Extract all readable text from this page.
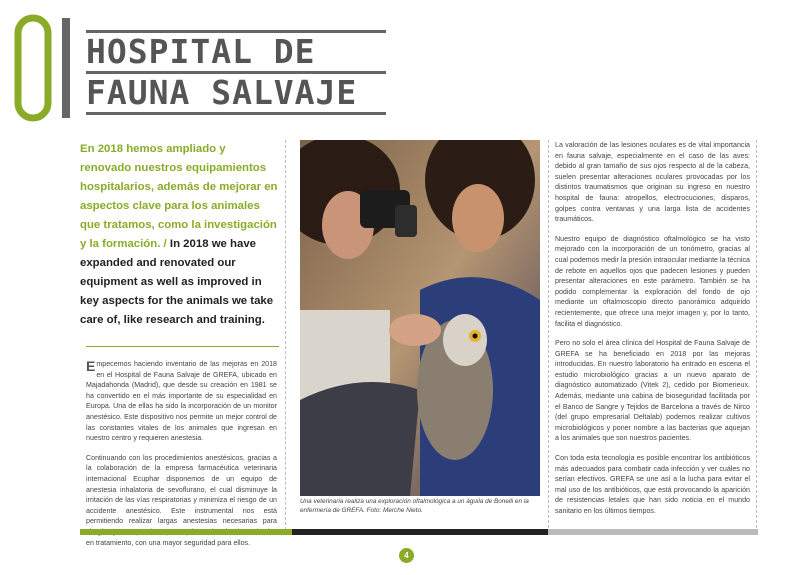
01
HOSPITAL DE
FAUNA SALVAJE
En 2018 hemos ampliado y renovado nuestros equipamientos hospitalarios, además de mejorar en aspectos clave para los animales que tratamos, como la investigación y la formación. / In 2018 we have expanded and renovated our equipment as well as improved in key aspects for the animals we take care of, like research and training.

Empecemos haciendo inventario de las mejoras en 2018 en el Hospital de Fauna Salvaje de GREFA, ubicado en Majadahonda (Madrid), que desde su creación en 1981 se ha convertido en el más importante de su especialidad en Europa. Una de ellas ha sido la incorporación de un monitor anestésico. Este dispositivo nos permite un mejor control de las constantes vitales de los animales que ingresan en nuestro centro y requieren anestesia.

Continuando con los procedimientos anestésicos, gracias a la colaboración de la empresa farmacéutica veterinaria internacional Ecuphar disponemos de un equipo de anestesia inhalatoria de sevoflurano, el cual disminuye la irritación de las vías respiratorias y minimiza el riesgo de un accidente anestésico. Este instrumental nos está permitiendo realizar largas anestesias necesarias para en tratamiento, con una mayor seguridad para ellos.

Una veterinaria realiza una exploración oftalmológica a un águila de Bonelli en la enfermería de GREFA. Foto: Merche Nieto.

La valoración de las lesiones oculares es de vital importancia en fauna salvaje, especialmente en el caso de las aves: debido al gran tamaño de sus ojos respecto al de la cabeza, suelen presentar alteraciones oculares provocadas por los distintos traumatismos que originan su ingreso en nuestro hospital de fauna: atropellos, electrocuciones, disparos, golpes contra ventanas y una larga lista de accidentes traumáticos.

Nuestro equipo de diagnóstico oftalmológico se ha visto mejorado con la incorporación de un tonómetro, gracias al cual podemos medir la presión intraocular mediante la técnica de rebote en aquellos ojos que padecen lesiones y pueden presentar alteraciones en este parámetro. También se ha podido complementar la exploración del fondo de ojo mediante un oftalmoscopio directo panorámico adquirido recientemente, que ofrece una mejor imagen y, por lo tanto, facilita el diagnóstico.

Pero no solo el área clínica del Hospital de Fauna Salvaje de GREFA se ha beneficiado en 2018 por las mejoras introducidas. En nuestro laboratorio ha entrado en escena el estudio microbiológico gracias a un nuevo aparato de diagnóstico automatizado (Vitek 2), cedido por Biomerieux. Además, mediante una cabina de bioseguridad facilitada por el Banco de Sangre y Tejidos de Barcelona a través de Nirco (del grupo empresarial Deltalab) podemos realizar cultivos microbiológicos y poner nombre a las bacterias que aquejan a los animales que son nuestros pacientes.

Con toda esta tecnología es posible encontrar los antibióticos más adecuados para combatir cada infección y ver cuáles no serían efectivos. GREFA se une así a la lucha para evitar el mal uso de los antibióticos, que está provocando la aparición de resistencias letales que han sido noticia en el mundo sanitario en los últimos tiempos.

4
